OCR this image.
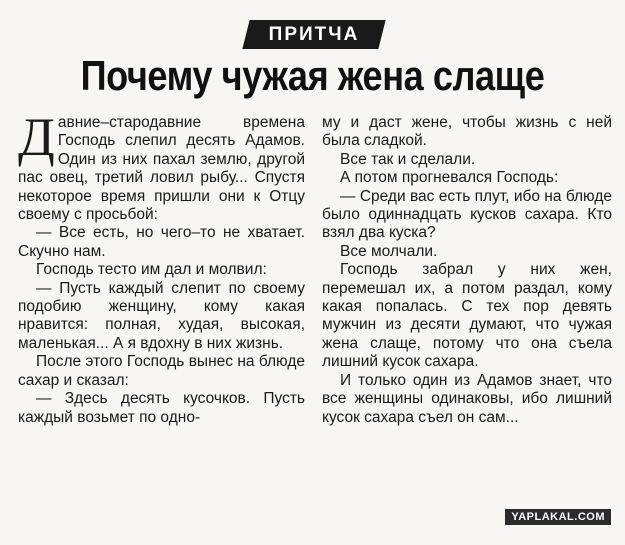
ПРИТЧА
Почему чужая жена слаще

Давние–стародавние времена Господь слепил десять Адамов. Один из них пахал землю, другой пас овец, третий ловил рыбу... Спустя некоторое время пришли они к Отцу своему с просьбой:

— Все есть, но чего–то не хватает. Скучно нам.

Господь тесто им дал и молвил:

— Пусть каждый слепит по своему подобию женщину, кому какая нравится: полная, худая, высокая, маленькая... А я вдохну в них жизнь.

После этого Господь вынес на блюде сахар и сказал:

— Здесь десять кусочков. Пусть каждый возьмет по одно-

му и даст жене, чтобы жизнь с ней была сладкой.

Все так и сделали.

А потом прогневался Господь:

— Среди вас есть плут, ибо на блюде было одиннадцать кусков сахара. Кто взял два куска?

Все молчали.

Господь забрал у них жен, перемешал их, а потом раздал, кому какая попалась. С тех пор девять мужчин из десяти думают, что чужая жена слаще, потому что она съела лишний кусок сахара.

И только один из Адамов знает, что все женщины одинаковы, ибо лишний кусок сахара съел он сам...

YAPLAKAL.COM
